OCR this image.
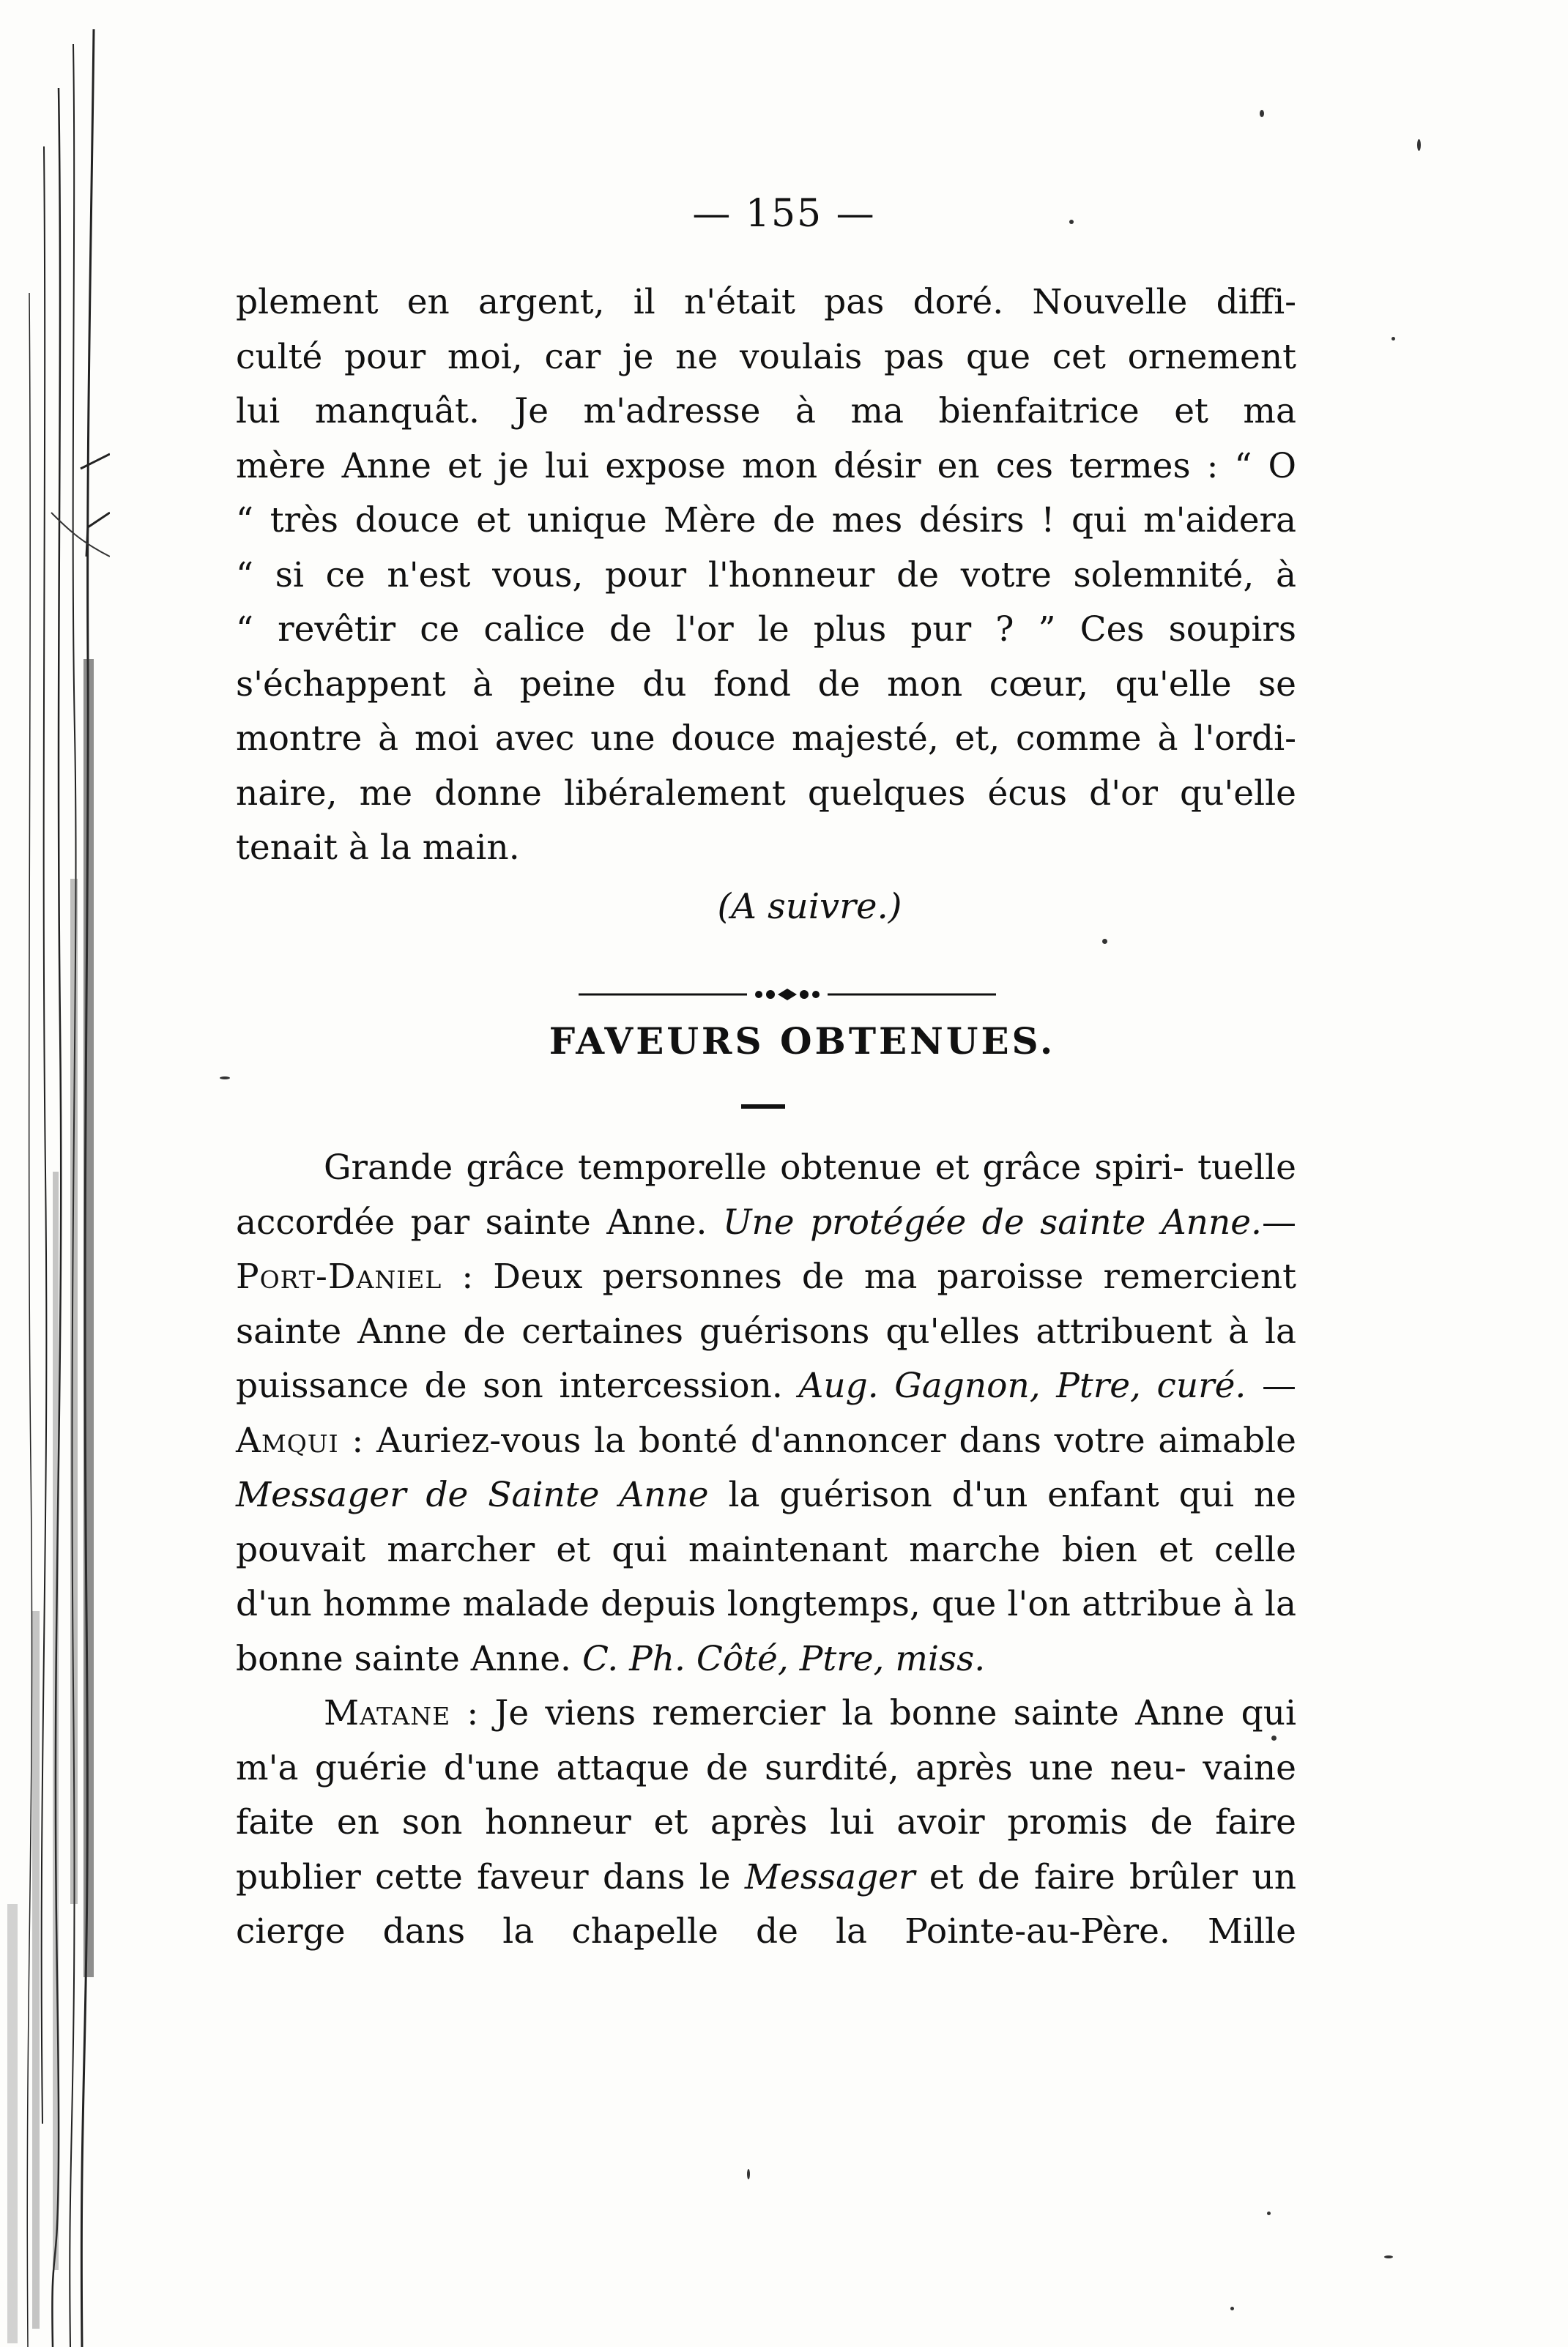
— 155 —

plement en argent, il n'était pas doré. Nouvelle diffi-

culté pour moi, car je ne voulais pas que cet ornement

lui manquât. Je m'adresse à ma bienfaitrice et ma

mère Anne et je lui expose mon désir en ces termes : “ O

“ très douce et unique Mère de mes désirs ! qui m'aidera

“ si ce n'est vous, pour l'honneur de votre solemnité, à

“ revêtir ce calice de l'or le plus pur ? ” Ces soupirs

s'échappent à peine du fond de mon cœur, qu'elle se

montre à moi avec une douce majesté, et, comme à l'ordi-

naire, me donne libéralement quelques écus d'or qu'elle

tenait à la main.

(A suivre.)
FAVEURS OBTENUES.

Grande grâce temporelle obtenue et grâce spiri- tuelle accordée par sainte Anne. Une protégée de sainte Anne.—Port-Daniel : Deux personnes de ma paroisse remercient sainte Anne de certaines guérisons qu'elles attribuent à la puissance de son intercession. Aug. Gagnon, Ptre, curé. — Amqui : Auriez-vous la bonté d'annoncer dans votre aimable Messager de Sainte Anne la guérison d'un enfant qui ne pouvait marcher et qui maintenant marche bien et celle d'un homme malade depuis longtemps, que l'on attribue à la bonne sainte Anne. C. Ph. Côté, Ptre, miss.

Matane : Je viens remercier la bonne sainte Anne qui m'a guérie d'une attaque de surdité, après une neu- vaine faite en son honneur et après lui avoir promis de faire publier cette faveur dans le Messager et de faire brûler un cierge dans la chapelle de la Pointe-au-Père. Mille
